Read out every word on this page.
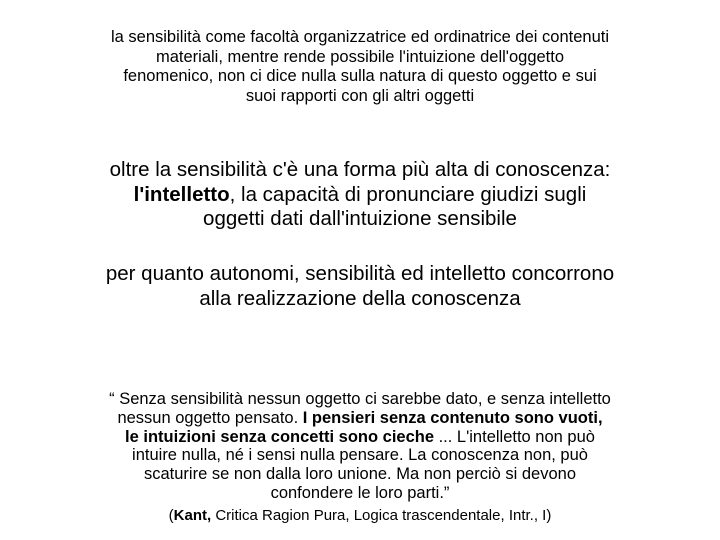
la sensibilità come facoltà organizzatrice ed ordinatrice dei contenuti
materiali, mentre rende possibile l'intuizione dell'oggetto
fenomenico, non ci dice nulla sulla natura di questo oggetto e sui
suoi rapporti con gli altri oggetti

oltre la sensibilità c'è una forma più alta di conoscenza:
l'intelletto, la capacità di pronunciare giudizi sugli
oggetti dati dall'intuizione sensibile

per quanto autonomi, sensibilità ed intelletto concorrono
alla realizzazione della conoscenza

“ Senza sensibilità nessun oggetto ci sarebbe dato, e senza intelletto
nessun oggetto pensato. I pensieri senza contenuto sono vuoti,
le intuizioni senza concetti sono cieche ... L'intelletto non può
intuire nulla, né i sensi nulla pensare. La conoscenza non, può
scaturire se non dalla loro unione. Ma non perciò si devono
confondere le loro parti.”

(Kant, Critica Ragion Pura, Logica trascendentale, Intr., I)
